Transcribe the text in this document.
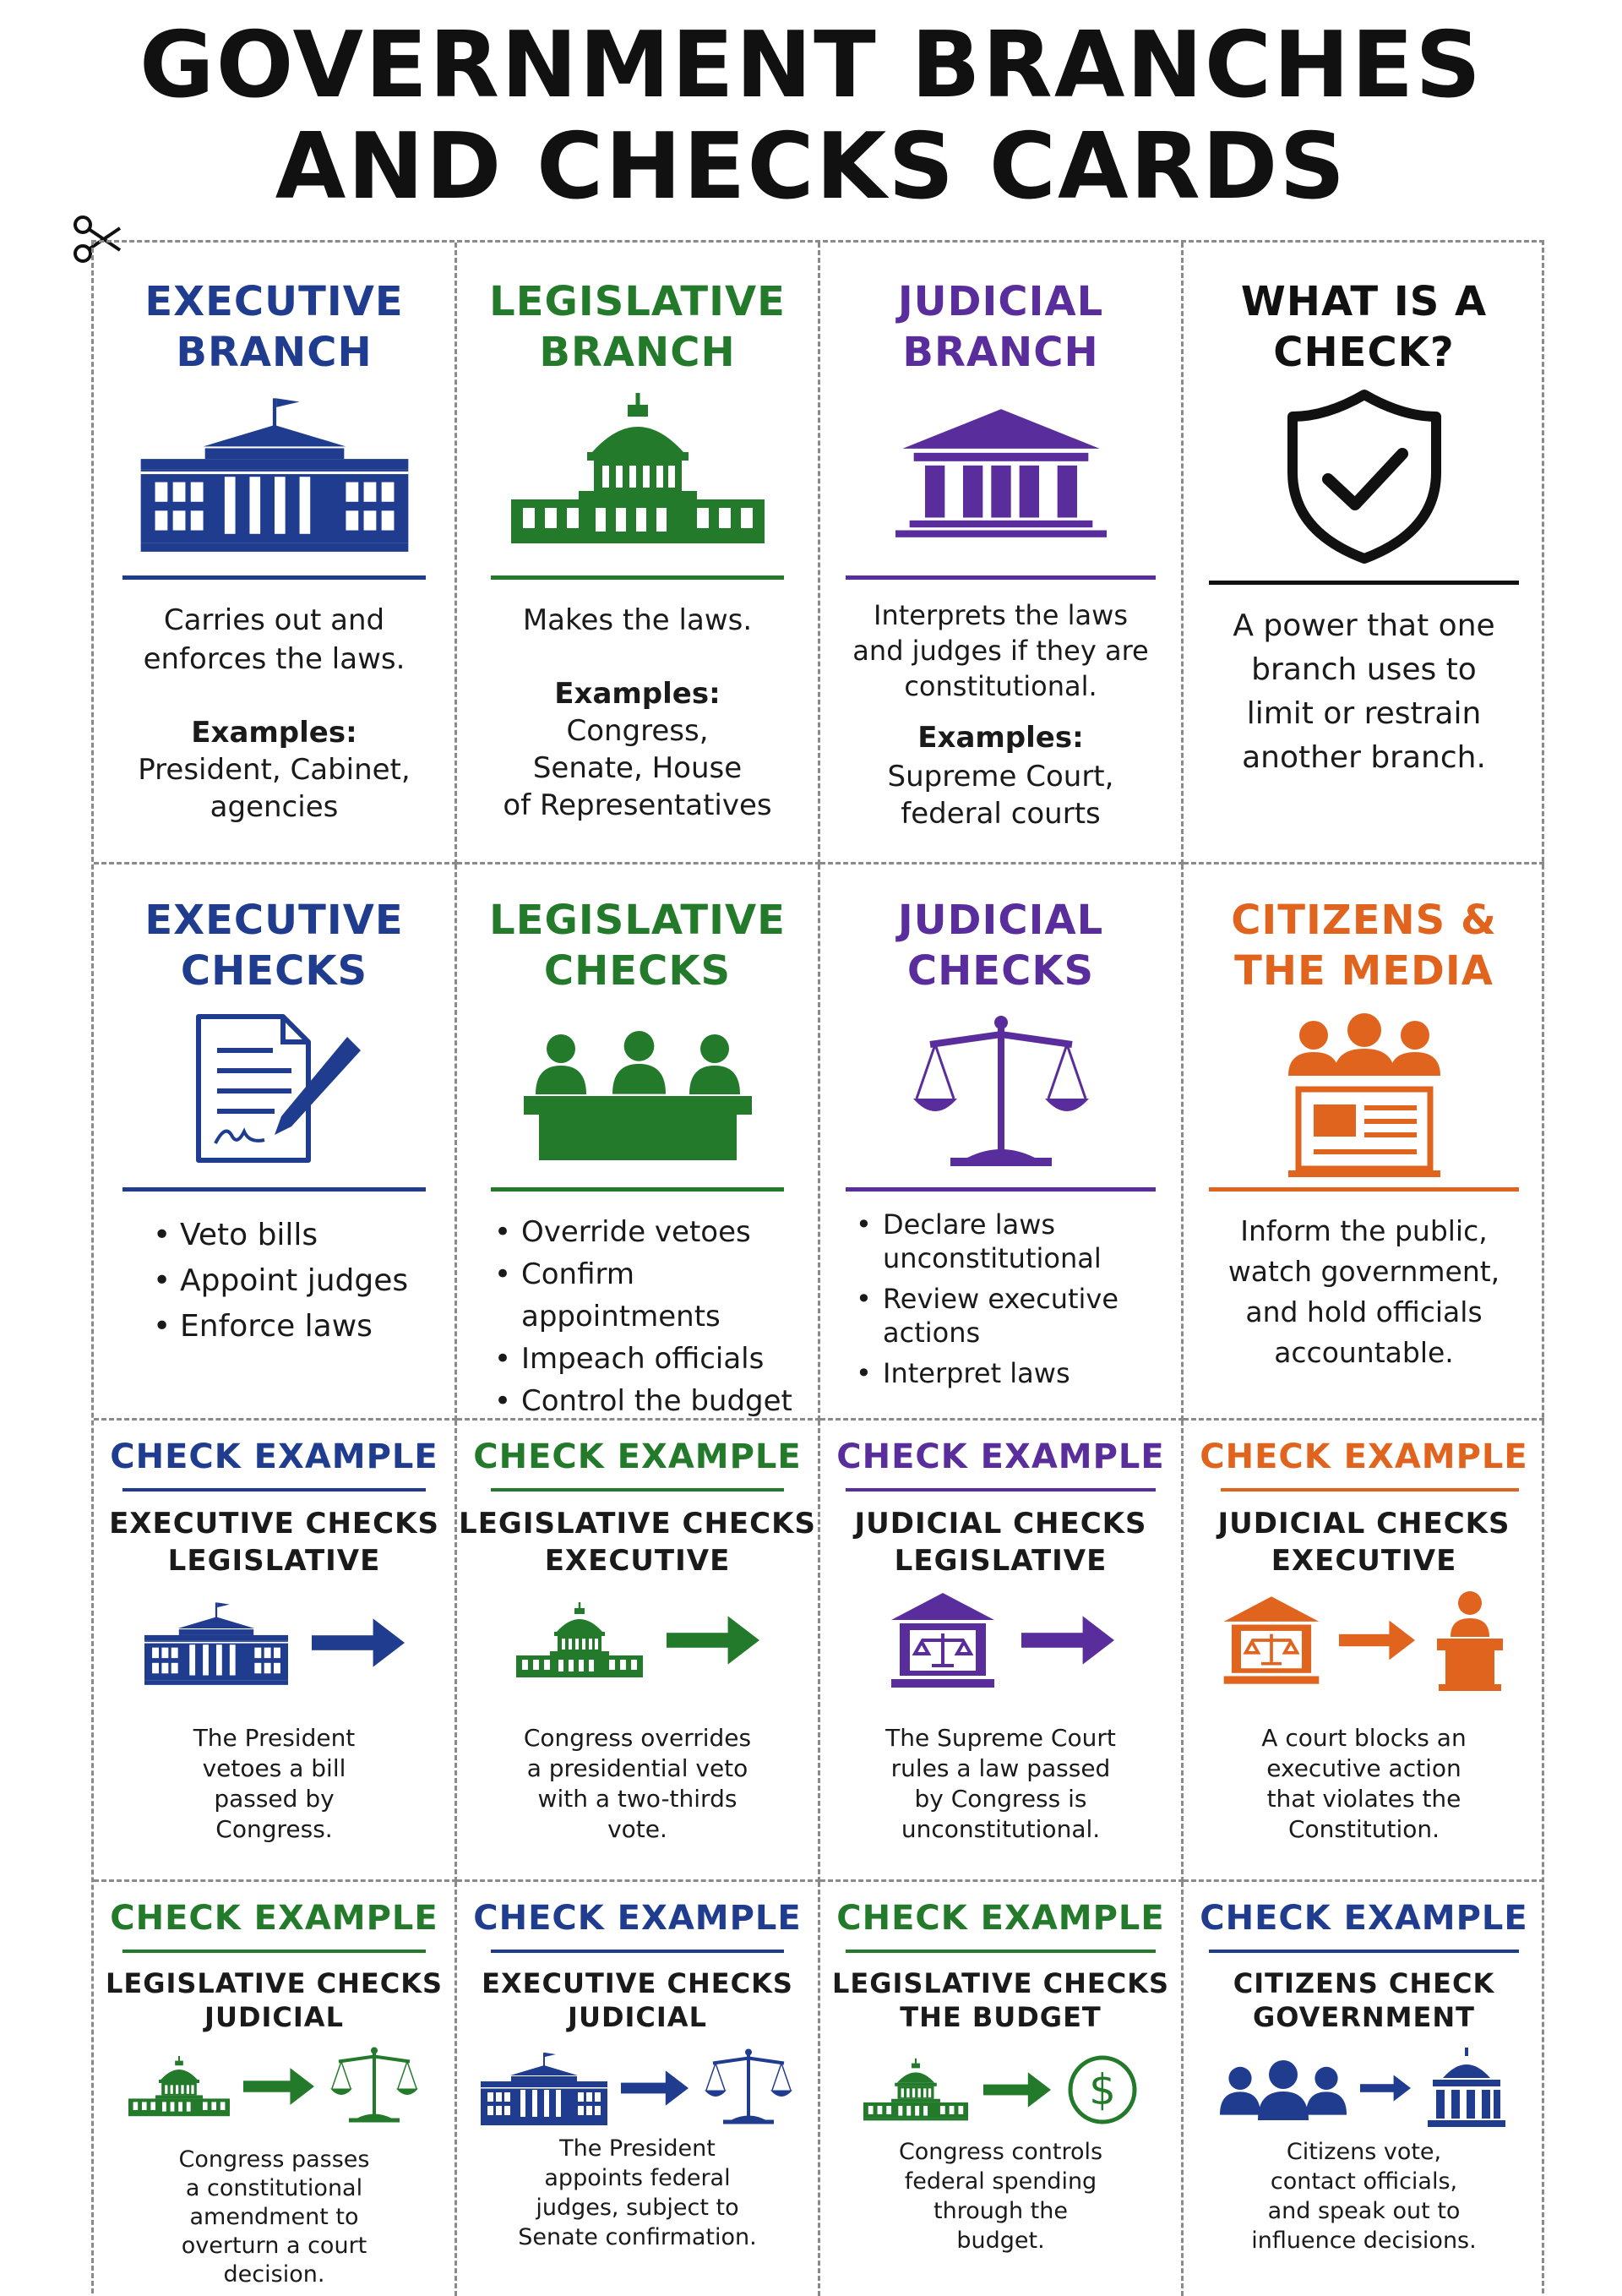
GOVERNMENT BRANCHES
AND CHECKS CARDS
EXECUTIVE
BRANCH
Carries out and
enforces the laws.
Examples:
President, Cabinet,
agencies
LEGISLATIVE
BRANCH
Makes the laws.
Examples:
Congress,
Senate, House
of Representatives
JUDICIAL
BRANCH
Interprets the laws
and judges if they are
constitutional.
Examples:
Supreme Court,
federal courts
WHAT IS A
CHECK?
A power that one
branch uses to
limit or restrain
another branch.
EXECUTIVE
CHECKS
• Veto bills
• Appoint judges
• Enforce laws
LEGISLATIVE
CHECKS
• Override vetoes
• Confirm appointments
• Impeach officials
• Control the budget
JUDICIAL
CHECKS
• Declare laws
unconstitutional
• Review executive
actions
• Interpret laws
CITIZENS &
THE MEDIA
Inform the public,
watch government,
and hold officials
accountable.
CHECK EXAMPLE
EXECUTIVE CHECKS
LEGISLATIVE
The President
vetoes a bill
passed by
Congress.
CHECK EXAMPLE
LEGISLATIVE CHECKS
EXECUTIVE
Congress overrides
a presidential veto
with a two-thirds
vote.
CHECK EXAMPLE
JUDICIAL CHECKS
LEGISLATIVE
The Supreme Court
rules a law passed
by Congress is
unconstitutional.
CHECK EXAMPLE
JUDICIAL CHECKS
EXECUTIVE
A court blocks an
executive action
that violates the
Constitution.
CHECK EXAMPLE
LEGISLATIVE CHECKS
JUDICIAL
Congress passes
a constitutional
amendment to
overturn a court
decision.
CHECK EXAMPLE
EXECUTIVE CHECKS
JUDICIAL
The President
appoints federal
judges, subject to
Senate confirmation.
CHECK EXAMPLE
LEGISLATIVE CHECKS
THE BUDGET
$
Congress controls
federal spending
through the
budget.
CHECK EXAMPLE
CITIZENS CHECK
GOVERNMENT
Citizens vote,
contact officials,
and speak out to
influence decisions.
